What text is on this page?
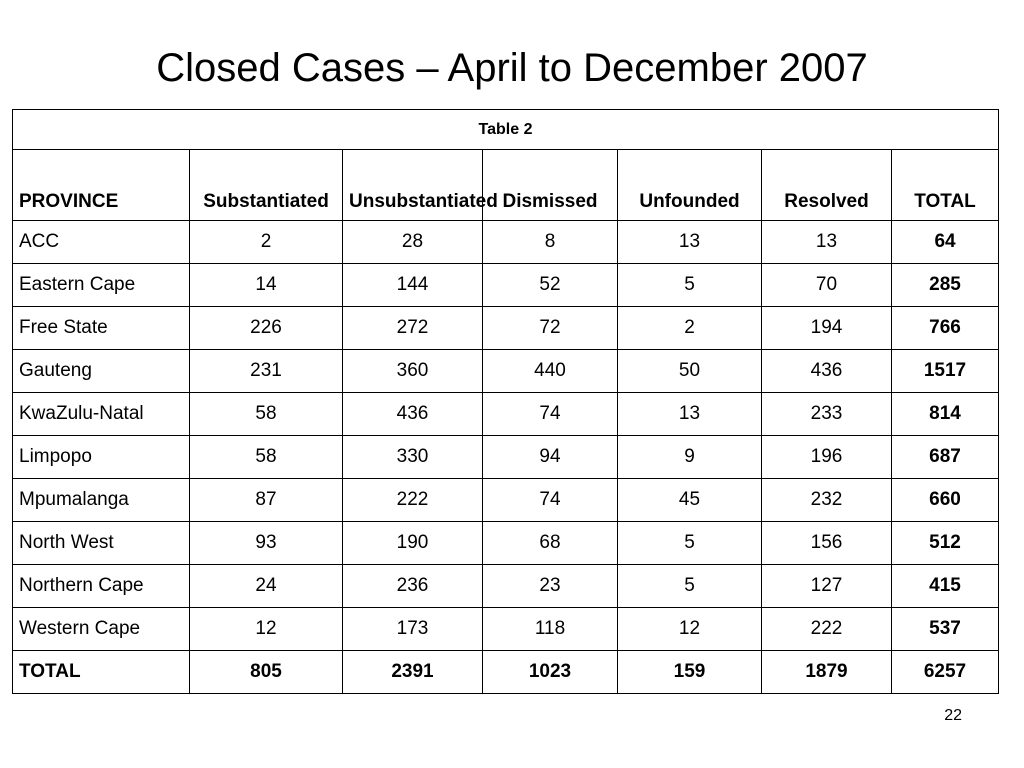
Closed Cases – April to December 2007
Table 2						
PROVINCE	Substantiated	Unsubstantiated	Dismissed	Unfounded	Resolved	TOTAL
ACC	2	28	8	13	13	64
Eastern Cape	14	144	52	5	70	285
Free State	226	272	72	2	194	766
Gauteng	231	360	440	50	436	1517
KwaZulu-Natal	58	436	74	13	233	814
Limpopo	58	330	94	9	196	687
Mpumalanga	87	222	74	45	232	660
North West	93	190	68	5	156	512
Northern Cape	24	236	23	5	127	415
Western Cape	12	173	118	12	222	537
TOTAL	805	2391	1023	159	1879	6257
22
